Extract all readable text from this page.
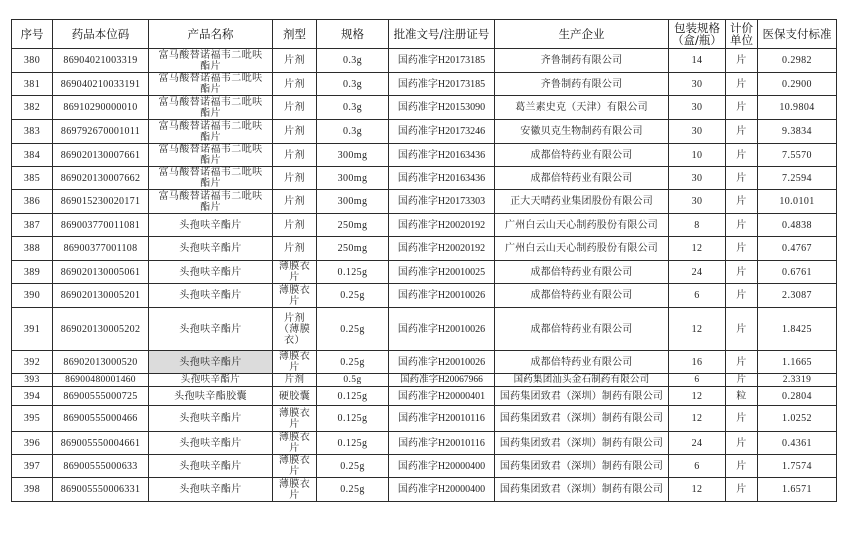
序号	药品本位码	产品名称	剂型	规格	批准文号/注册证号	生产企业	包装规格（盒/瓶）	计价单位	医保支付标准
380	86904021003319	富马酸替诺福韦二吡呋酯片	片剂	0.3g	国药准字H20173185	齐鲁制药有限公司	14	片	0.2982
381	869040210033191	富马酸替诺福韦二吡呋酯片	片剂	0.3g	国药准字H20173185	齐鲁制药有限公司	30	片	0.2900
382	86910290000010	富马酸替诺福韦二吡呋酯片	片剂	0.3g	国药准字H20153090	葛兰素史克（天津）有限公司	30	片	10.9804
383	869792670001011	富马酸替诺福韦二吡呋酯片	片剂	0.3g	国药准字H20173246	安徽贝克生物制药有限公司	30	片	9.3834
384	869020130007661	富马酸替诺福韦二吡呋酯片	片剂	300mg	国药准字H20163436	成都倍特药业有限公司	10	片	7.5570
385	869020130007662	富马酸替诺福韦二吡呋酯片	片剂	300mg	国药准字H20163436	成都倍特药业有限公司	30	片	7.2594
386	869015230020171	富马酸替诺福韦二吡呋酯片	片剂	300mg	国药准字H20173303	正大天晴药业集团股份有限公司	30	片	10.0101
387	869003770011081	头孢呋辛酯片	片剂	250mg	国药准字H20020192	广州白云山天心制药股份有限公司	8	片	0.4838
388	86900377001108	头孢呋辛酯片	片剂	250mg	国药准字H20020192	广州白云山天心制药股份有限公司	12	片	0.4767
389	869020130005061	头孢呋辛酯片	薄膜衣片	0.125g	国药准字H20010025	成都倍特药业有限公司	24	片	0.6761
390	869020130005201	头孢呋辛酯片	薄膜衣片	0.25g	国药准字H20010026	成都倍特药业有限公司	6	片	2.3087
391	869020130005202	头孢呋辛酯片	片剂（薄膜衣）	0.25g	国药准字H20010026	成都倍特药业有限公司	12	片	1.8425
392	86902013000520	头孢呋辛酯片	薄膜衣片	0.25g	国药准字H20010026	成都倍特药业有限公司	16	片	1.1665
393	86900480001460	头孢呋辛酯片	片剂	0.5g	国药准字H20067966	国药集团汕头金石制药有限公司	6	片	2.3319
394	86900555000725	头孢呋辛酯胶囊	硬胶囊	0.125g	国药准字H20000401	国药集团致君（深圳）制药有限公司	12	粒	0.2804
395	86900555000466	头孢呋辛酯片	薄膜衣片	0.125g	国药准字H20010116	国药集团致君（深圳）制药有限公司	12	片	1.0252
396	869005550004661	头孢呋辛酯片	薄膜衣片	0.125g	国药准字H20010116	国药集团致君（深圳）制药有限公司	24	片	0.4361
397	86900555000633	头孢呋辛酯片	薄膜衣片	0.25g	国药准字H20000400	国药集团致君（深圳）制药有限公司	6	片	1.7574
398	869005550006331	头孢呋辛酯片	薄膜衣片	0.25g	国药准字H20000400	国药集团致君（深圳）制药有限公司	12	片	1.6571
